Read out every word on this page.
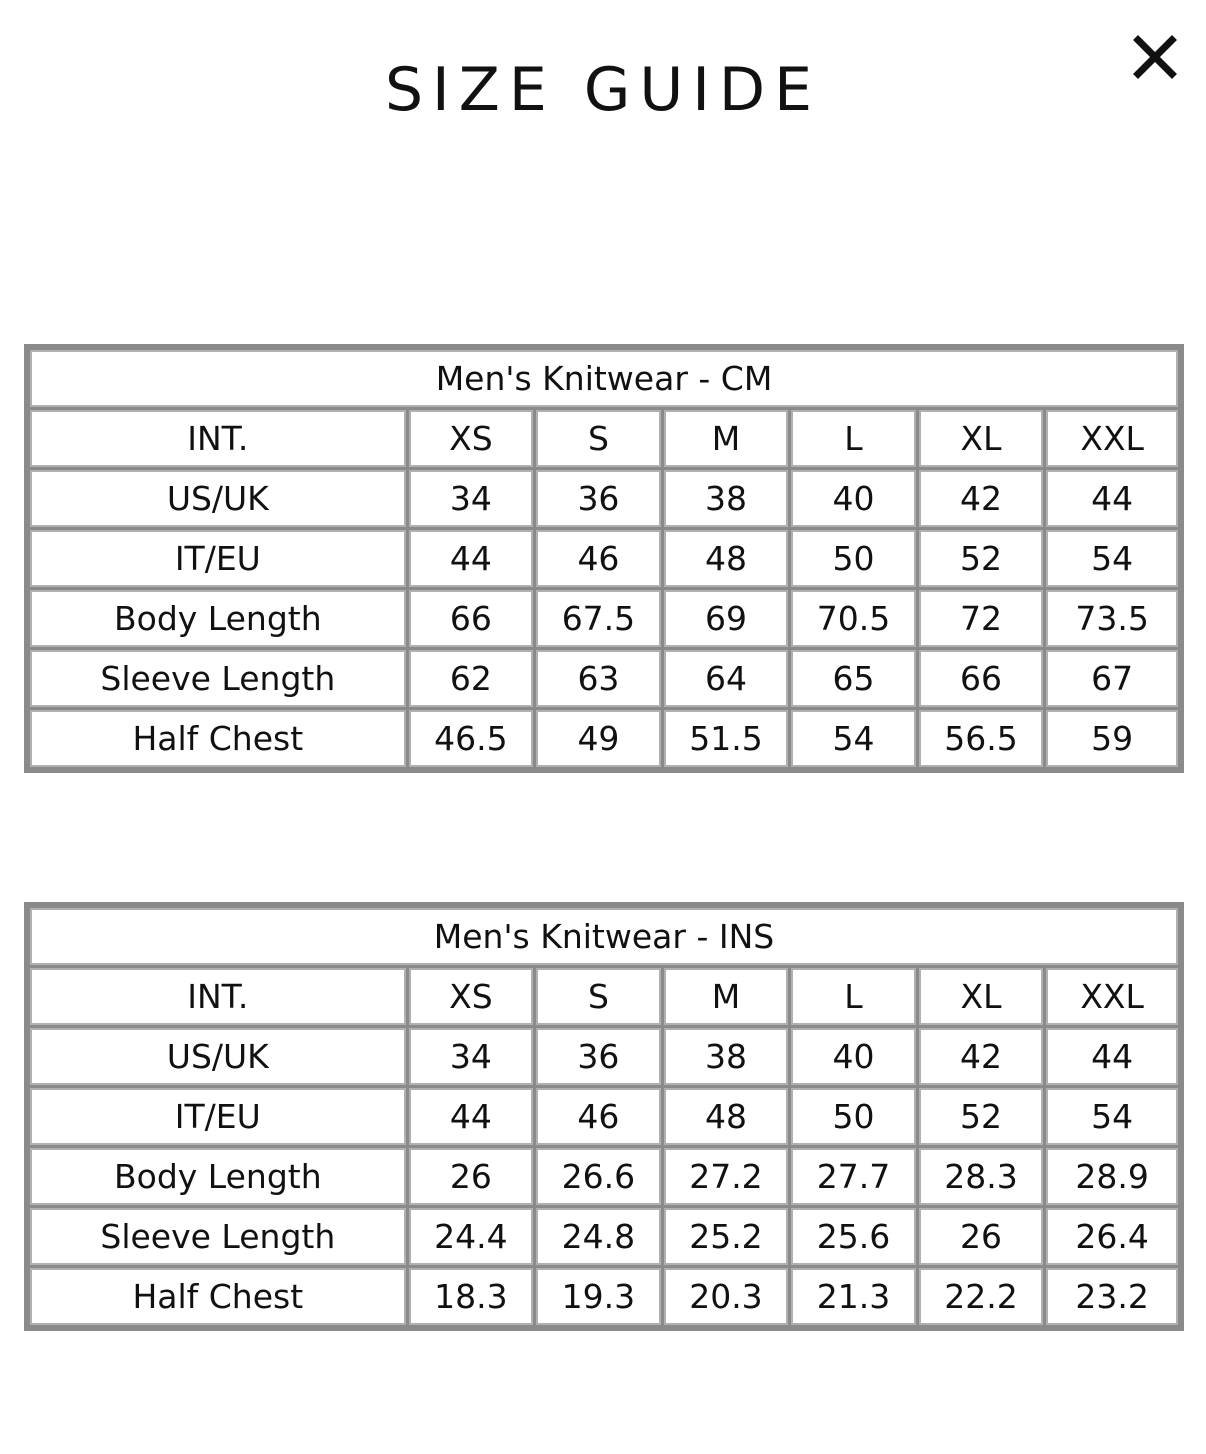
SIZE GUIDE
Men's Knitwear - CM						
INT.	XS	S	M	L	XL	XXL
US/UK	34	36	38	40	42	44
IT/EU	44	46	48	50	52	54
Body Length	66	67.5	69	70.5	72	73.5
Sleeve Length	62	63	64	65	66	67
Half Chest	46.5	49	51.5	54	56.5	59
Men's Knitwear - INS						
INT.	XS	S	M	L	XL	XXL
US/UK	34	36	38	40	42	44
IT/EU	44	46	48	50	52	54
Body Length	26	26.6	27.2	27.7	28.3	28.9
Sleeve Length	24.4	24.8	25.2	25.6	26	26.4
Half Chest	18.3	19.3	20.3	21.3	22.2	23.2
